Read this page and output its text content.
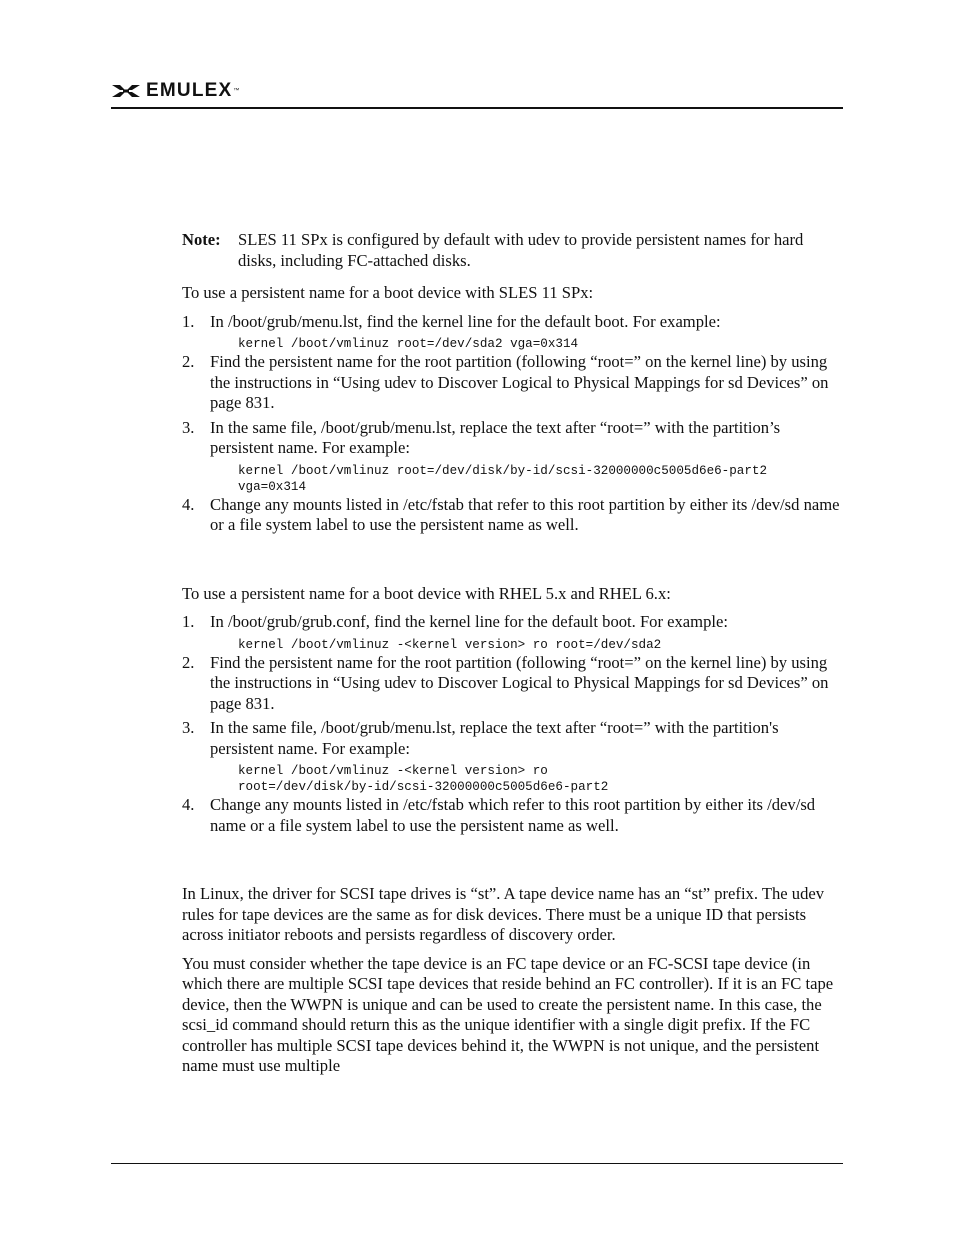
EMULEX ™
Note:	SLES 11 SPx is configured by default with udev to provide persistent names for hard disks, including FC-attached disks.

To use a persistent name for a boot device with SLES 11 SPx:

1. In /boot/grub/menu.lst, find the kernel line for the default boot. For example:
kernel /boot/vmlinuz root=/dev/sda2 vga=0x314
2. Find the persistent name for the root partition (following “root=” on the kernel line) by using the instructions in “Using udev to Discover Logical to Physical Mappings for sd Devices” on page 831.
3. In the same file, /boot/grub/menu.lst, replace the text after “root=” with the partition’s persistent name. For example:
kernel /boot/vmlinuz root=/dev/disk/by-id/scsi-32000000c5005d6e6-part2
vga=0x314
4. Change any mounts listed in /etc/fstab that refer to this root partition by either its /dev/sd name or a file system label to use the persistent name as well.

To use a persistent name for a boot device with RHEL 5.x and RHEL 6.x:

1. In /boot/grub/grub.conf, find the kernel line for the default boot. For example:
kernel /boot/vmlinuz -<kernel version> ro root=/dev/sda2
2. Find the persistent name for the root partition (following “root=” on the kernel line) by using the instructions in “Using udev to Discover Logical to Physical Mappings for sd Devices” on page 831.
3. In the same file, /boot/grub/menu.lst, replace the text after “root=” with the partition's persistent name. For example:
kernel /boot/vmlinuz -<kernel version> ro
root=/dev/disk/by-id/scsi-32000000c5005d6e6-part2
4. Change any mounts listed in /etc/fstab which refer to this root partition by either its /dev/sd name or a file system label to use the persistent name as well.

In Linux, the driver for SCSI tape drives is “st”. A tape device name has an “st” prefix. The udev rules for tape devices are the same as for disk devices. There must be a unique ID that persists across initiator reboots and persists regardless of discovery order.

You must consider whether the tape device is an FC tape device or an FC-SCSI tape device (in which there are multiple SCSI tape devices that reside behind an FC controller). If it is an FC tape device, then the WWPN is unique and can be used to create the persistent name. In this case, the scsi_id command should return this as the unique identifier with a single digit prefix. If the FC controller has multiple SCSI tape devices behind it, the WWPN is not unique, and the persistent name must use multiple
